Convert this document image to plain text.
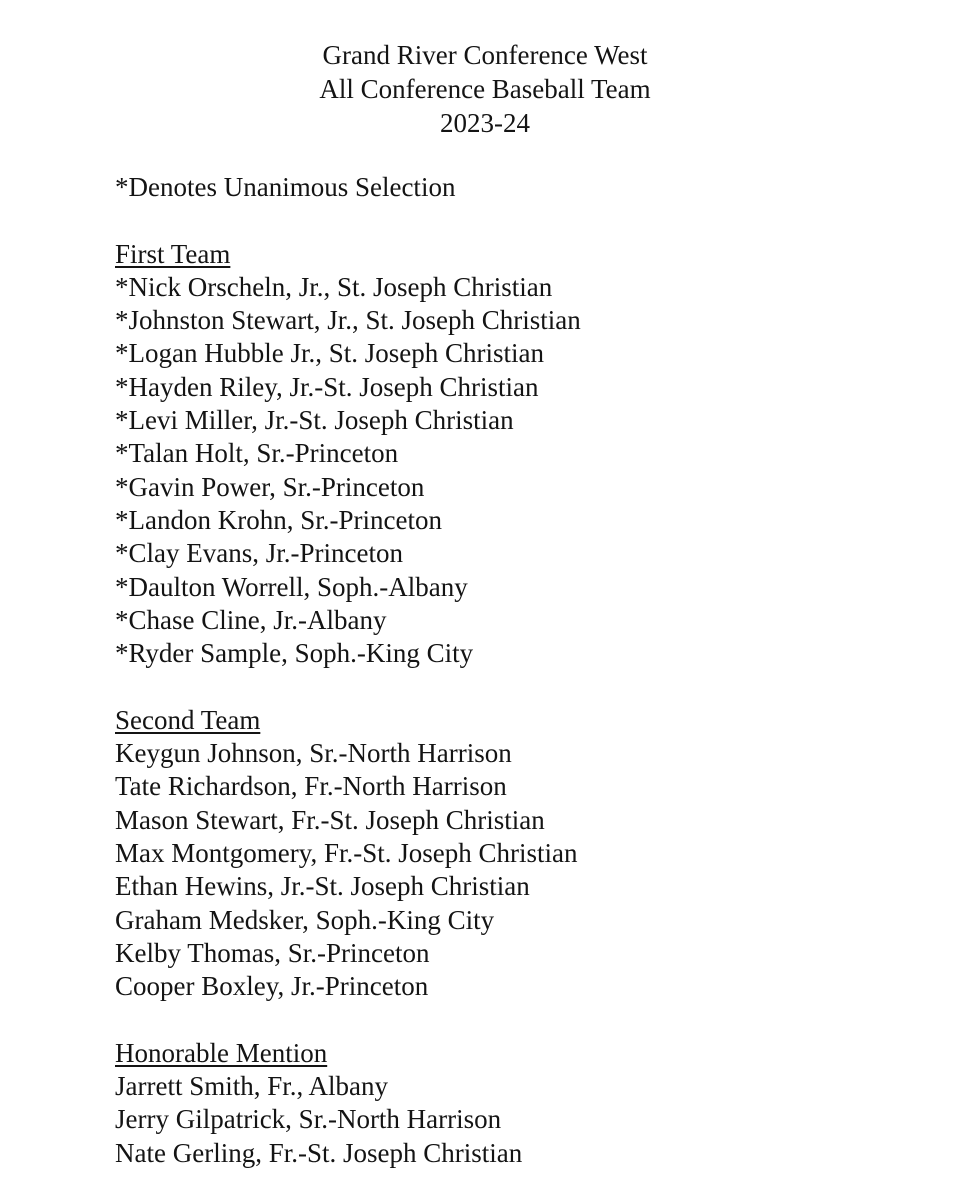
Grand River Conference West
All Conference Baseball Team
2023-24
*Denotes Unanimous Selection
First Team
*Nick Orscheln, Jr., St. Joseph Christian
*Johnston Stewart, Jr., St. Joseph Christian
*Logan Hubble Jr., St. Joseph Christian
*Hayden Riley, Jr.-St. Joseph Christian
*Levi Miller, Jr.-St. Joseph Christian
*Talan Holt, Sr.-Princeton
*Gavin Power, Sr.-Princeton
*Landon Krohn, Sr.-Princeton
*Clay Evans, Jr.-Princeton
*Daulton Worrell, Soph.-Albany
*Chase Cline, Jr.-Albany
*Ryder Sample, Soph.-King City
Second Team
Keygun Johnson, Sr.-North Harrison
Tate Richardson, Fr.-North Harrison
Mason Stewart, Fr.-St. Joseph Christian
Max Montgomery, Fr.-St. Joseph Christian
Ethan Hewins, Jr.-St. Joseph Christian
Graham Medsker, Soph.-King City
Kelby Thomas, Sr.-Princeton
Cooper Boxley, Jr.-Princeton
Honorable Mention
Jarrett Smith, Fr., Albany
Jerry Gilpatrick, Sr.-North Harrison
Nate Gerling, Fr.-St. Joseph Christian
